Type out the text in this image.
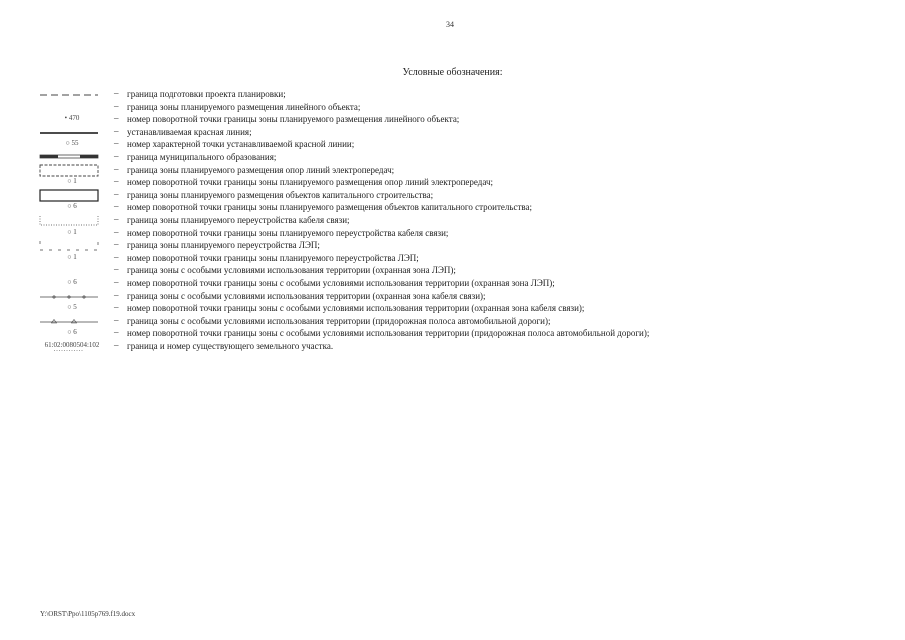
34
Условные обозначения:
– граница подготовки проекта планировки;
– граница зоны планируемого размещения линейного объекта;
• 470	– номер поворотной точки границы зоны планируемого размещения линейного объекта;
– устанавливаемая красная линия;
○ 55	– номер характерной точки устанавливаемой красной линии;
– граница муниципального образования;
– граница зоны планируемого размещения опор линий электропередач;
○ 1	– номер поворотной точки границы зоны планируемого размещения опор линий электропередач;
– граница зоны планируемого размещения объектов капитального строительства;
○ 6	– номер поворотной точки границы зоны планируемого размещения объектов капитального строительства;
– граница зоны планируемого переустройства кабеля связи;
○ 1	– номер поворотной точки границы зоны планируемого переустройства кабеля связи;
– граница зоны планируемого переустройства ЛЭП;
○ 1	– номер поворотной точки границы зоны планируемого переустройства ЛЭП;
– граница зоны с особыми условиями использования территории (охранная зона ЛЭП);
○ 6	– номер поворотной точки границы зоны с особыми условиями использования территории (охранная зона ЛЭП);
– граница зоны с особыми условиями использования территории (охранная зона кабеля связи);
○ 5	– номер поворотной точки границы зоны с особыми условиями использования территории (охранная зона кабеля связи);
– граница зоны с особыми условиями использования территории (придорожная полоса автомобильной дороги);
○ 6	– номер поворотной точки границы зоны с особыми условиями использования территории (придорожная полоса автомобильной дороги);
61:02:0080504:102	– граница и номер существующего земельного участка.
Y:\ORST\Ppo\1105p769.f19.docx
